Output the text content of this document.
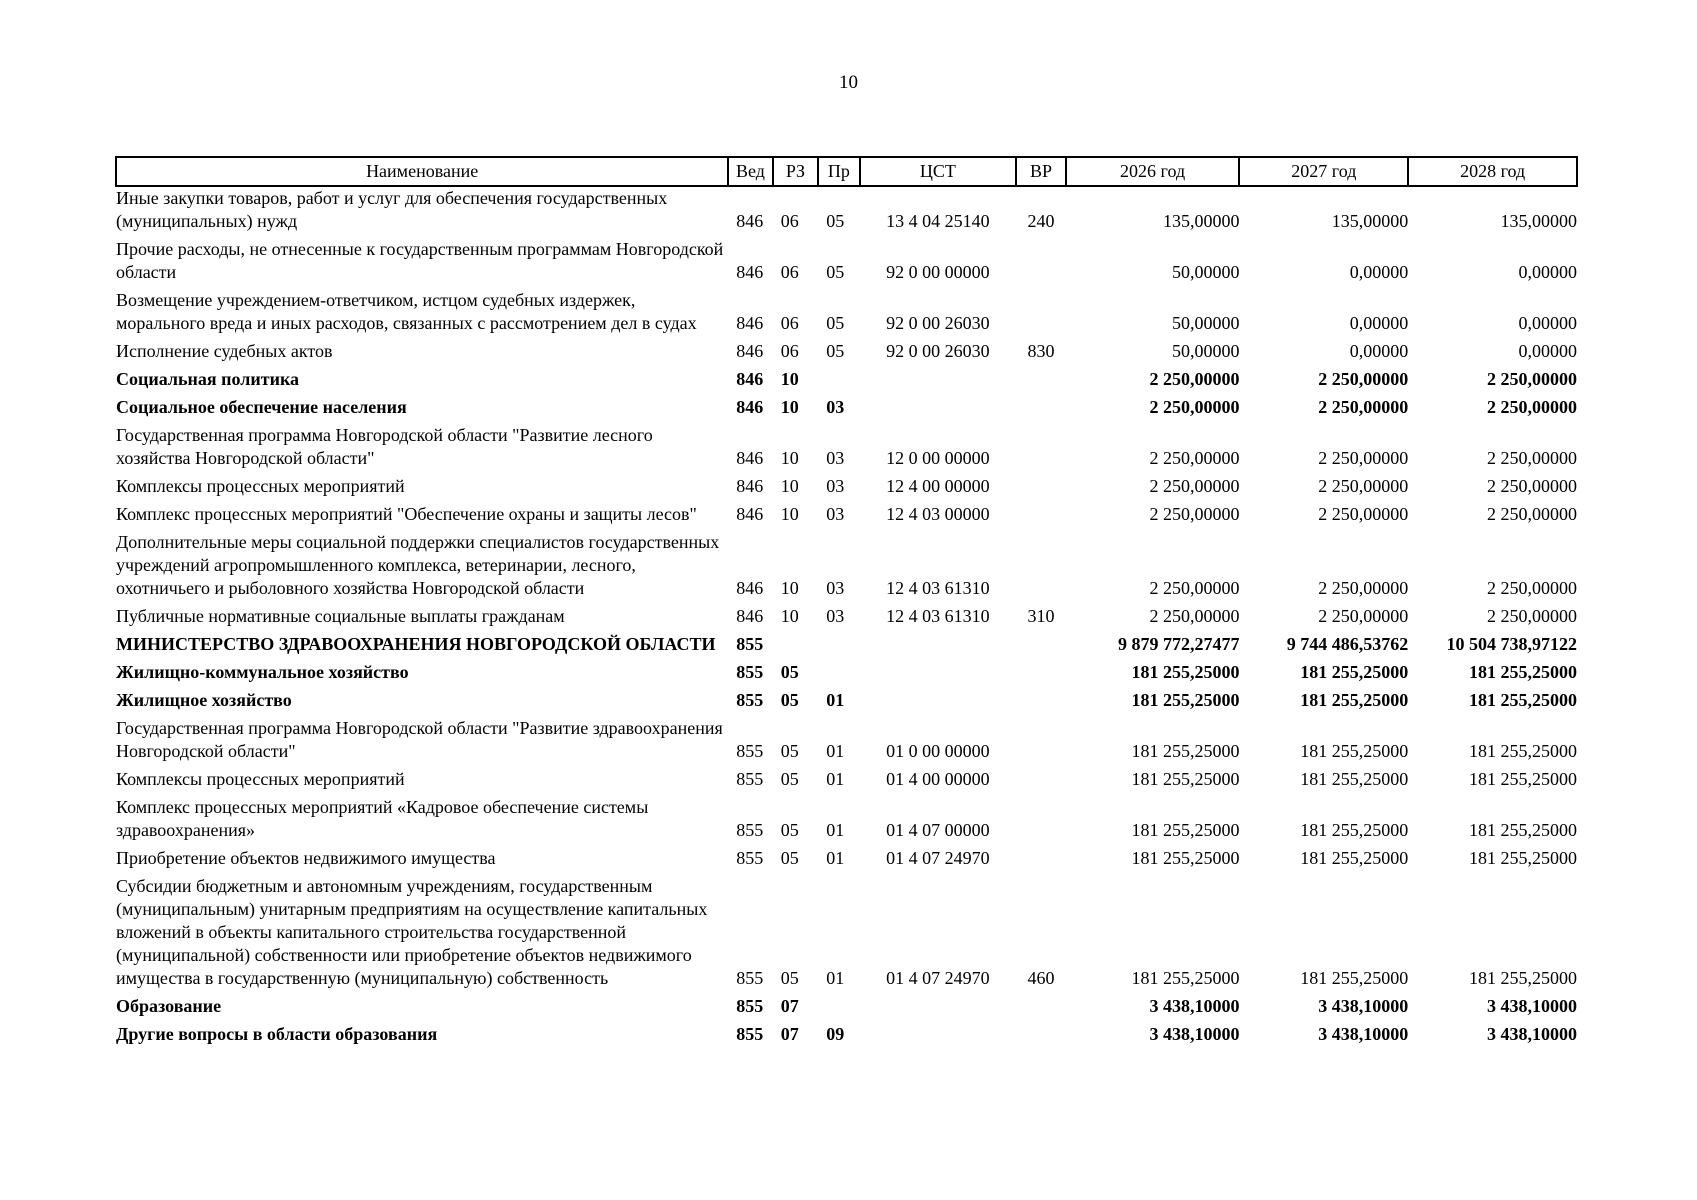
10
Наименование	Вед	РЗ	Пр	ЦСТ	ВР	2026 год	2027 год	2028 год
Иные закупки товаров, работ и услуг для обеспечения государственных (муниципальных) нужд	846	06	05	13 4 04 25140	240	135,00000	135,00000	135,00000
Прочие расходы, не отнесенные к государственным программам Новгородской области	846	06	05	92 0 00 00000		50,00000	0,00000	0,00000
Возмещение учреждением-ответчиком, истцом судебных издержек, морального вреда и иных расходов, связанных с рассмотрением дел в судах	846	06	05	92 0 00 26030		50,00000	0,00000	0,00000
Исполнение судебных актов	846	06	05	92 0 00 26030	830	50,00000	0,00000	0,00000
Социальная политика	846	10				2 250,00000	2 250,00000	2 250,00000
Социальное обеспечение населения	846	10	03			2 250,00000	2 250,00000	2 250,00000
Государственная программа Новгородской области "Развитие лесного хозяйства Новгородской области"	846	10	03	12 0 00 00000		2 250,00000	2 250,00000	2 250,00000
Комплексы процессных мероприятий	846	10	03	12 4 00 00000		2 250,00000	2 250,00000	2 250,00000
Комплекс процессных мероприятий "Обеспечение охраны и защиты лесов"	846	10	03	12 4 03 00000		2 250,00000	2 250,00000	2 250,00000
Дополнительные меры социальной поддержки специалистов государственных учреждений агропромышленного комплекса, ветеринарии, лесного, охотничьего и рыболовного хозяйства Новгородской области	846	10	03	12 4 03 61310		2 250,00000	2 250,00000	2 250,00000
Публичные нормативные социальные выплаты гражданам	846	10	03	12 4 03 61310	310	2 250,00000	2 250,00000	2 250,00000
МИНИСТЕРСТВО ЗДРАВООХРАНЕНИЯ НОВГОРОДСКОЙ ОБЛАСТИ	855					9 879 772,27477	9 744 486,53762	10 504 738,97122
Жилищно-коммунальное хозяйство	855	05				181 255,25000	181 255,25000	181 255,25000
Жилищное хозяйство	855	05	01			181 255,25000	181 255,25000	181 255,25000
Государственная программа Новгородской области "Развитие здравоохранения Новгородской области"	855	05	01	01 0 00 00000		181 255,25000	181 255,25000	181 255,25000
Комплексы процессных мероприятий	855	05	01	01 4 00 00000		181 255,25000	181 255,25000	181 255,25000
Комплекс процессных мероприятий «Кадровое обеспечение системы здравоохранения»	855	05	01	01 4 07 00000		181 255,25000	181 255,25000	181 255,25000
Приобретение объектов недвижимого имущества	855	05	01	01 4 07 24970		181 255,25000	181 255,25000	181 255,25000
Субсидии бюджетным и автономным учреждениям, государственным (муниципальным) унитарным предприятиям на осуществление капитальных вложений в объекты капитального строительства государственной (муниципальной) собственности или приобретение объектов недвижимого имущества в государственную (муниципальную) собственность	855	05	01	01 4 07 24970	460	181 255,25000	181 255,25000	181 255,25000
Образование	855	07				3 438,10000	3 438,10000	3 438,10000
Другие вопросы в области образования	855	07	09			3 438,10000	3 438,10000	3 438,10000
